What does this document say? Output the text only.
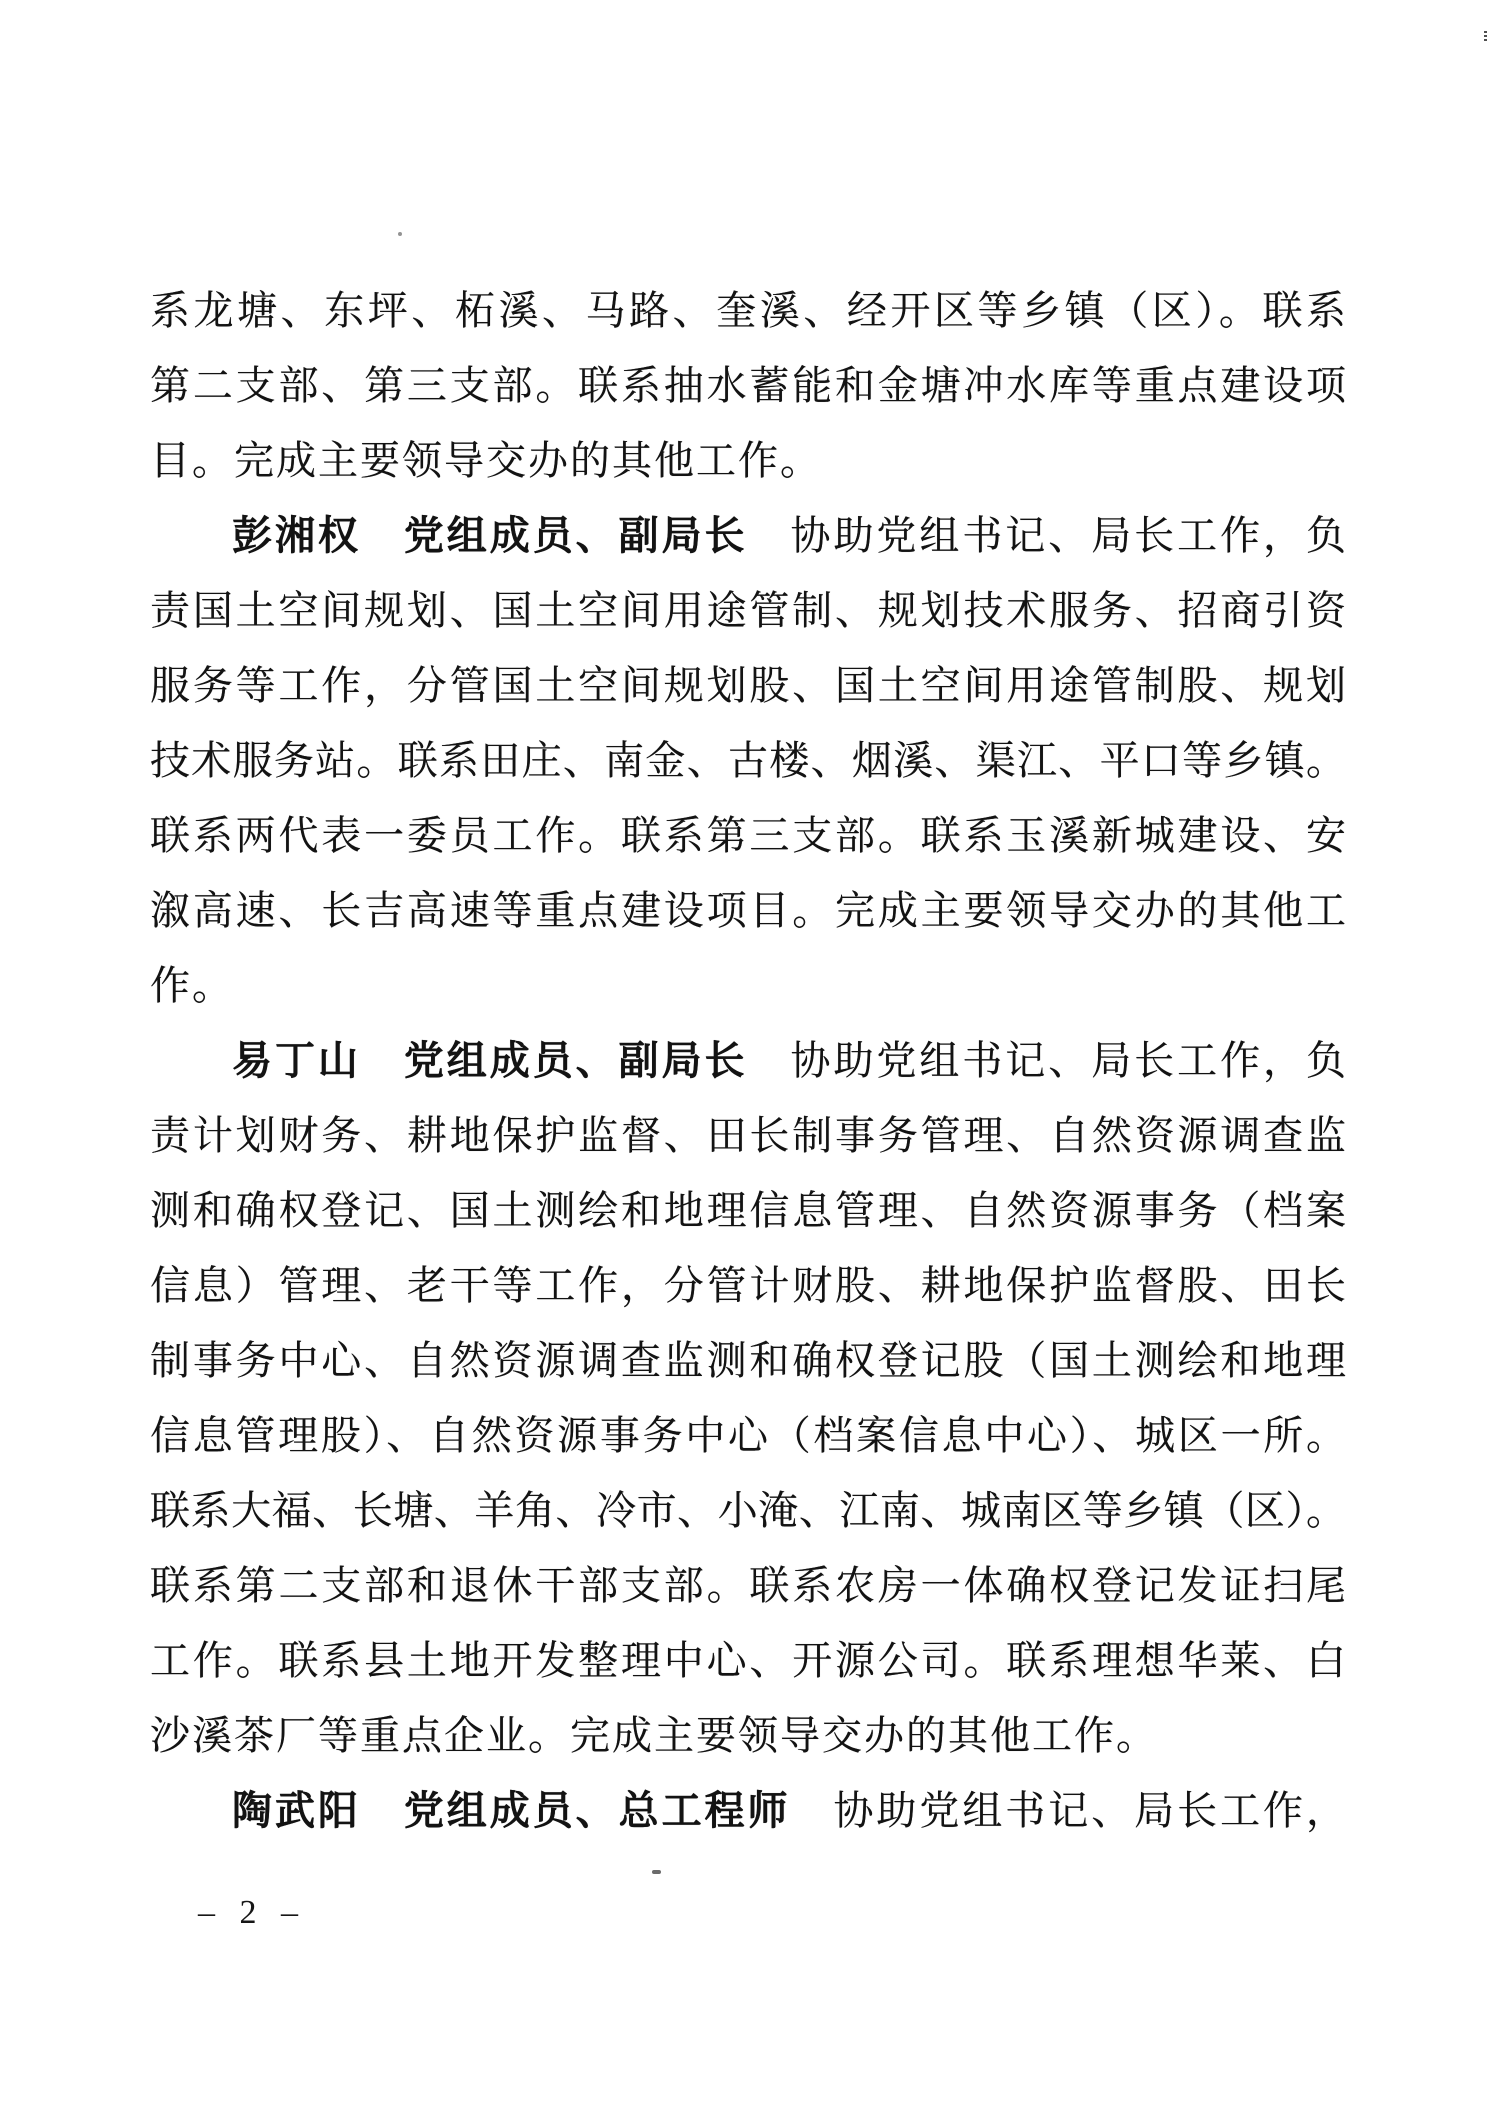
系龙塘、东坪、柘溪、马路、奎溪、经开区等乡镇（区）。联系
第二支部、第三支部。联系抽水蓄能和金塘冲水库等重点建设项
目。完成主要领导交办的其他工作。
彭湘权　党组成员、副局长　协助党组书记、局长工作，负
责国土空间规划、国土空间用途管制、规划技术服务、招商引资
服务等工作，分管国土空间规划股、国土空间用途管制股、规划
技术服务站。联系田庄、南金、古楼、烟溪、渠江、平口等乡镇。
联系两代表一委员工作。联系第三支部。联系玉溪新城建设、安
溆高速、长吉高速等重点建设项目。完成主要领导交办的其他工
作。
易丁山　党组成员、副局长　协助党组书记、局长工作，负
责计划财务、耕地保护监督、田长制事务管理、自然资源调查监
测和确权登记、国土测绘和地理信息管理、自然资源事务（档案
信息）管理、老干等工作，分管计财股、耕地保护监督股、田长
制事务中心、自然资源调查监测和确权登记股（国土测绘和地理
信息管理股）、自然资源事务中心（档案信息中心）、城区一所。
联系大福、长塘、羊角、冷市、小淹、江南、城南区等乡镇（区）。
联系第二支部和退休干部支部。联系农房一体确权登记发证扫尾
工作。联系县土地开发整理中心、开源公司。联系理想华莱、白
沙溪茶厂等重点企业。完成主要领导交办的其他工作。
陶武阳　党组成员、总工程师　协助党组书记、局长工作，
– 2 –
